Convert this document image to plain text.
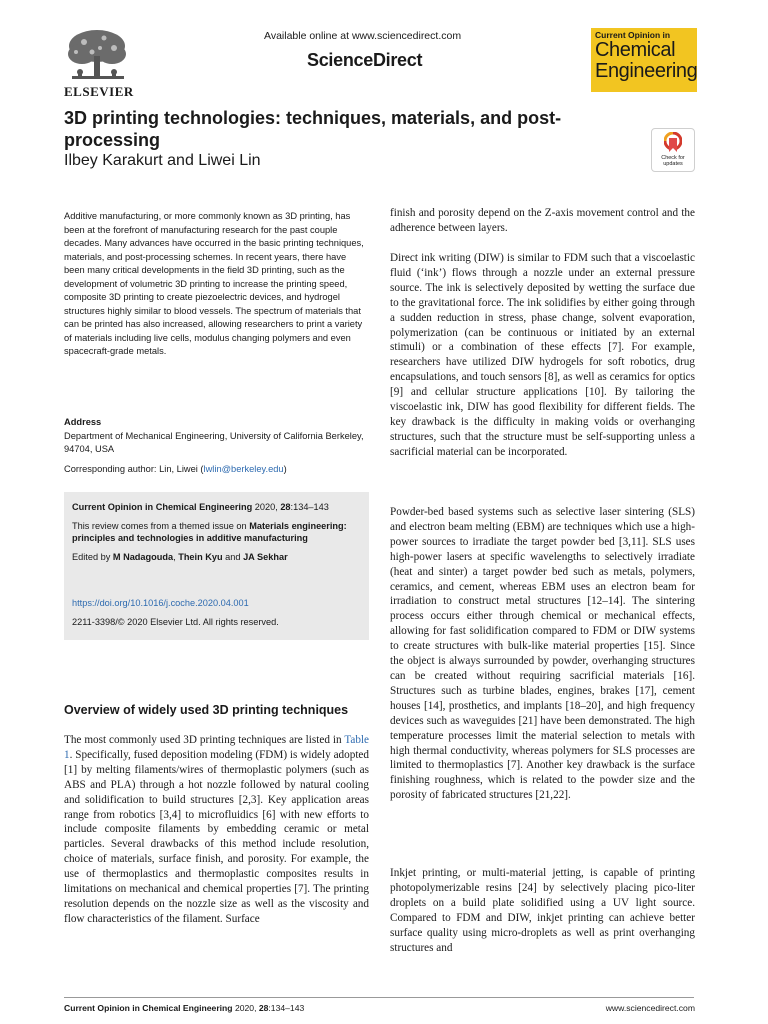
ELSEVIER
Available online at www.sciencedirect.com
ScienceDirect
Current Opinion in
Chemical
Engineering
Check for
updates
3D printing technologies: techniques, materials, and post-processing
Ilbey Karakurt and Liwei Lin

Additive manufacturing, or more commonly known as 3D printing, has been at the forefront of manufacturing research for the past couple decades. Many advances have occurred in the basic printing techniques, materials, and post-processing schemes. In recent years, there have been many critical developments in the field 3D printing, such as the development of volumetric 3D printing to increase the printing speed, composite 3D printing to create piezoelectric devices, and hydrogel structures highly similar to blood vessels. The spectrum of materials that can be printed has also increased, allowing researchers to print a variety of materials including live cells, modulus changing polymers and even spacecraft-grade metals.

Address
Department of Mechanical Engineering, University of California Berkeley, 94704, USA
Corresponding author: Lin, Liwei (lwlin@berkeley.edu)

Current Opinion in Chemical Engineering 2020, 28:134–143

This review comes from a themed issue on Materials engineering: principles and technologies in additive manufacturing

Edited by M Nadagouda, Thein Kyu and JA Sekhar

https://doi.org/10.1016/j.coche.2020.04.001

2211-3398/© 2020 Elsevier Ltd. All rights reserved.

Overview of widely used 3D printing techniques

The most commonly used 3D printing techniques are listed in Table 1. Specifically, fused deposition modeling (FDM) is widely adopted [1] by melting filaments/wires of thermoplastic polymers (such as ABS and PLA) through a hot nozzle followed by natural cooling and solidification to build structures [2,3]. Key application areas range from robotics [3,4] to microfluidics [6] with new efforts to include composite filaments by embedding ceramic or metal particles. Several drawbacks of this method include resolution, choice of materials, surface finish, and porosity. For example, the use of thermoplastics and thermoplastic composites results in limitations on mechanical and chemical properties [7]. The printing resolution depends on the nozzle size as well as the viscosity and flow characteristics of the filament. Surface

finish and porosity depend on the Z-axis movement control and the adherence between layers.

Direct ink writing (DIW) is similar to FDM such that a viscoelastic fluid (‘ink’) flows through a nozzle under an external pressure source. The ink is selectively deposited by wetting the surface due to the gravitational force. The ink solidifies by either going through a sudden reduction in stress, phase change, solvent evaporation, polymerization (can be continuous or initiated by an external stimuli) or a combination of these effects [7]. For example, researchers have utilized DIW hydrogels for soft robotics, drug encapsulations, and touch sensors [8], as well as ceramics for optics [9] and cellular structure applications [10]. By tailoring the viscoelastic ink, DIW has good flexibility for different fields. The key drawback is the difficulty in making voids or overhanging structures, such that the structure must be self-supporting unless a sacrificial material can be incorporated.

Powder-bed based systems such as selective laser sintering (SLS) and electron beam melting (EBM) are techniques which use a high-power sources to irradiate the target powder bed [3,11]. SLS uses high-power lasers at specific wavelengths to selectively irradiate (heat and sinter) a target powder bed such as metals, polymers, ceramics, and cement, whereas EBM uses an electron beam for irradiation to construct metal structures [12–14]. The sintering process occurs either through chemical or mechanical effects, allowing for fast solidification compared to FDM or DIW systems to create structures with bulk-like material properties [15]. Since the object is always surrounded by powder, overhanging structures can be created without requiring sacrificial materials [16]. Structures such as turbine blades, engines, brakes [17], cement houses [14], prosthetics, and implants [18–20], and high frequency devices such as waveguides [21] have been demonstrated. The high temperature processes limit the material selection to metals with high thermal conductivity, whereas polymers for SLS processes are limited to thermoplastics [7]. Another key drawback is the surface finishing roughness, which is related to the powder size and the porosity of fabricated structures [21,22].

Inkjet printing, or multi-material jetting, is capable of printing photopolymerizable resins [24] by selectively placing pico-liter droplets on a build plate solidified using a UV light source. Compared to FDM and DIW, inkjet printing can achieve better surface quality using micro-droplets as well as print overhanging structures and

Current Opinion in Chemical Engineering 2020, 28:134–143	www.sciencedirect.com
